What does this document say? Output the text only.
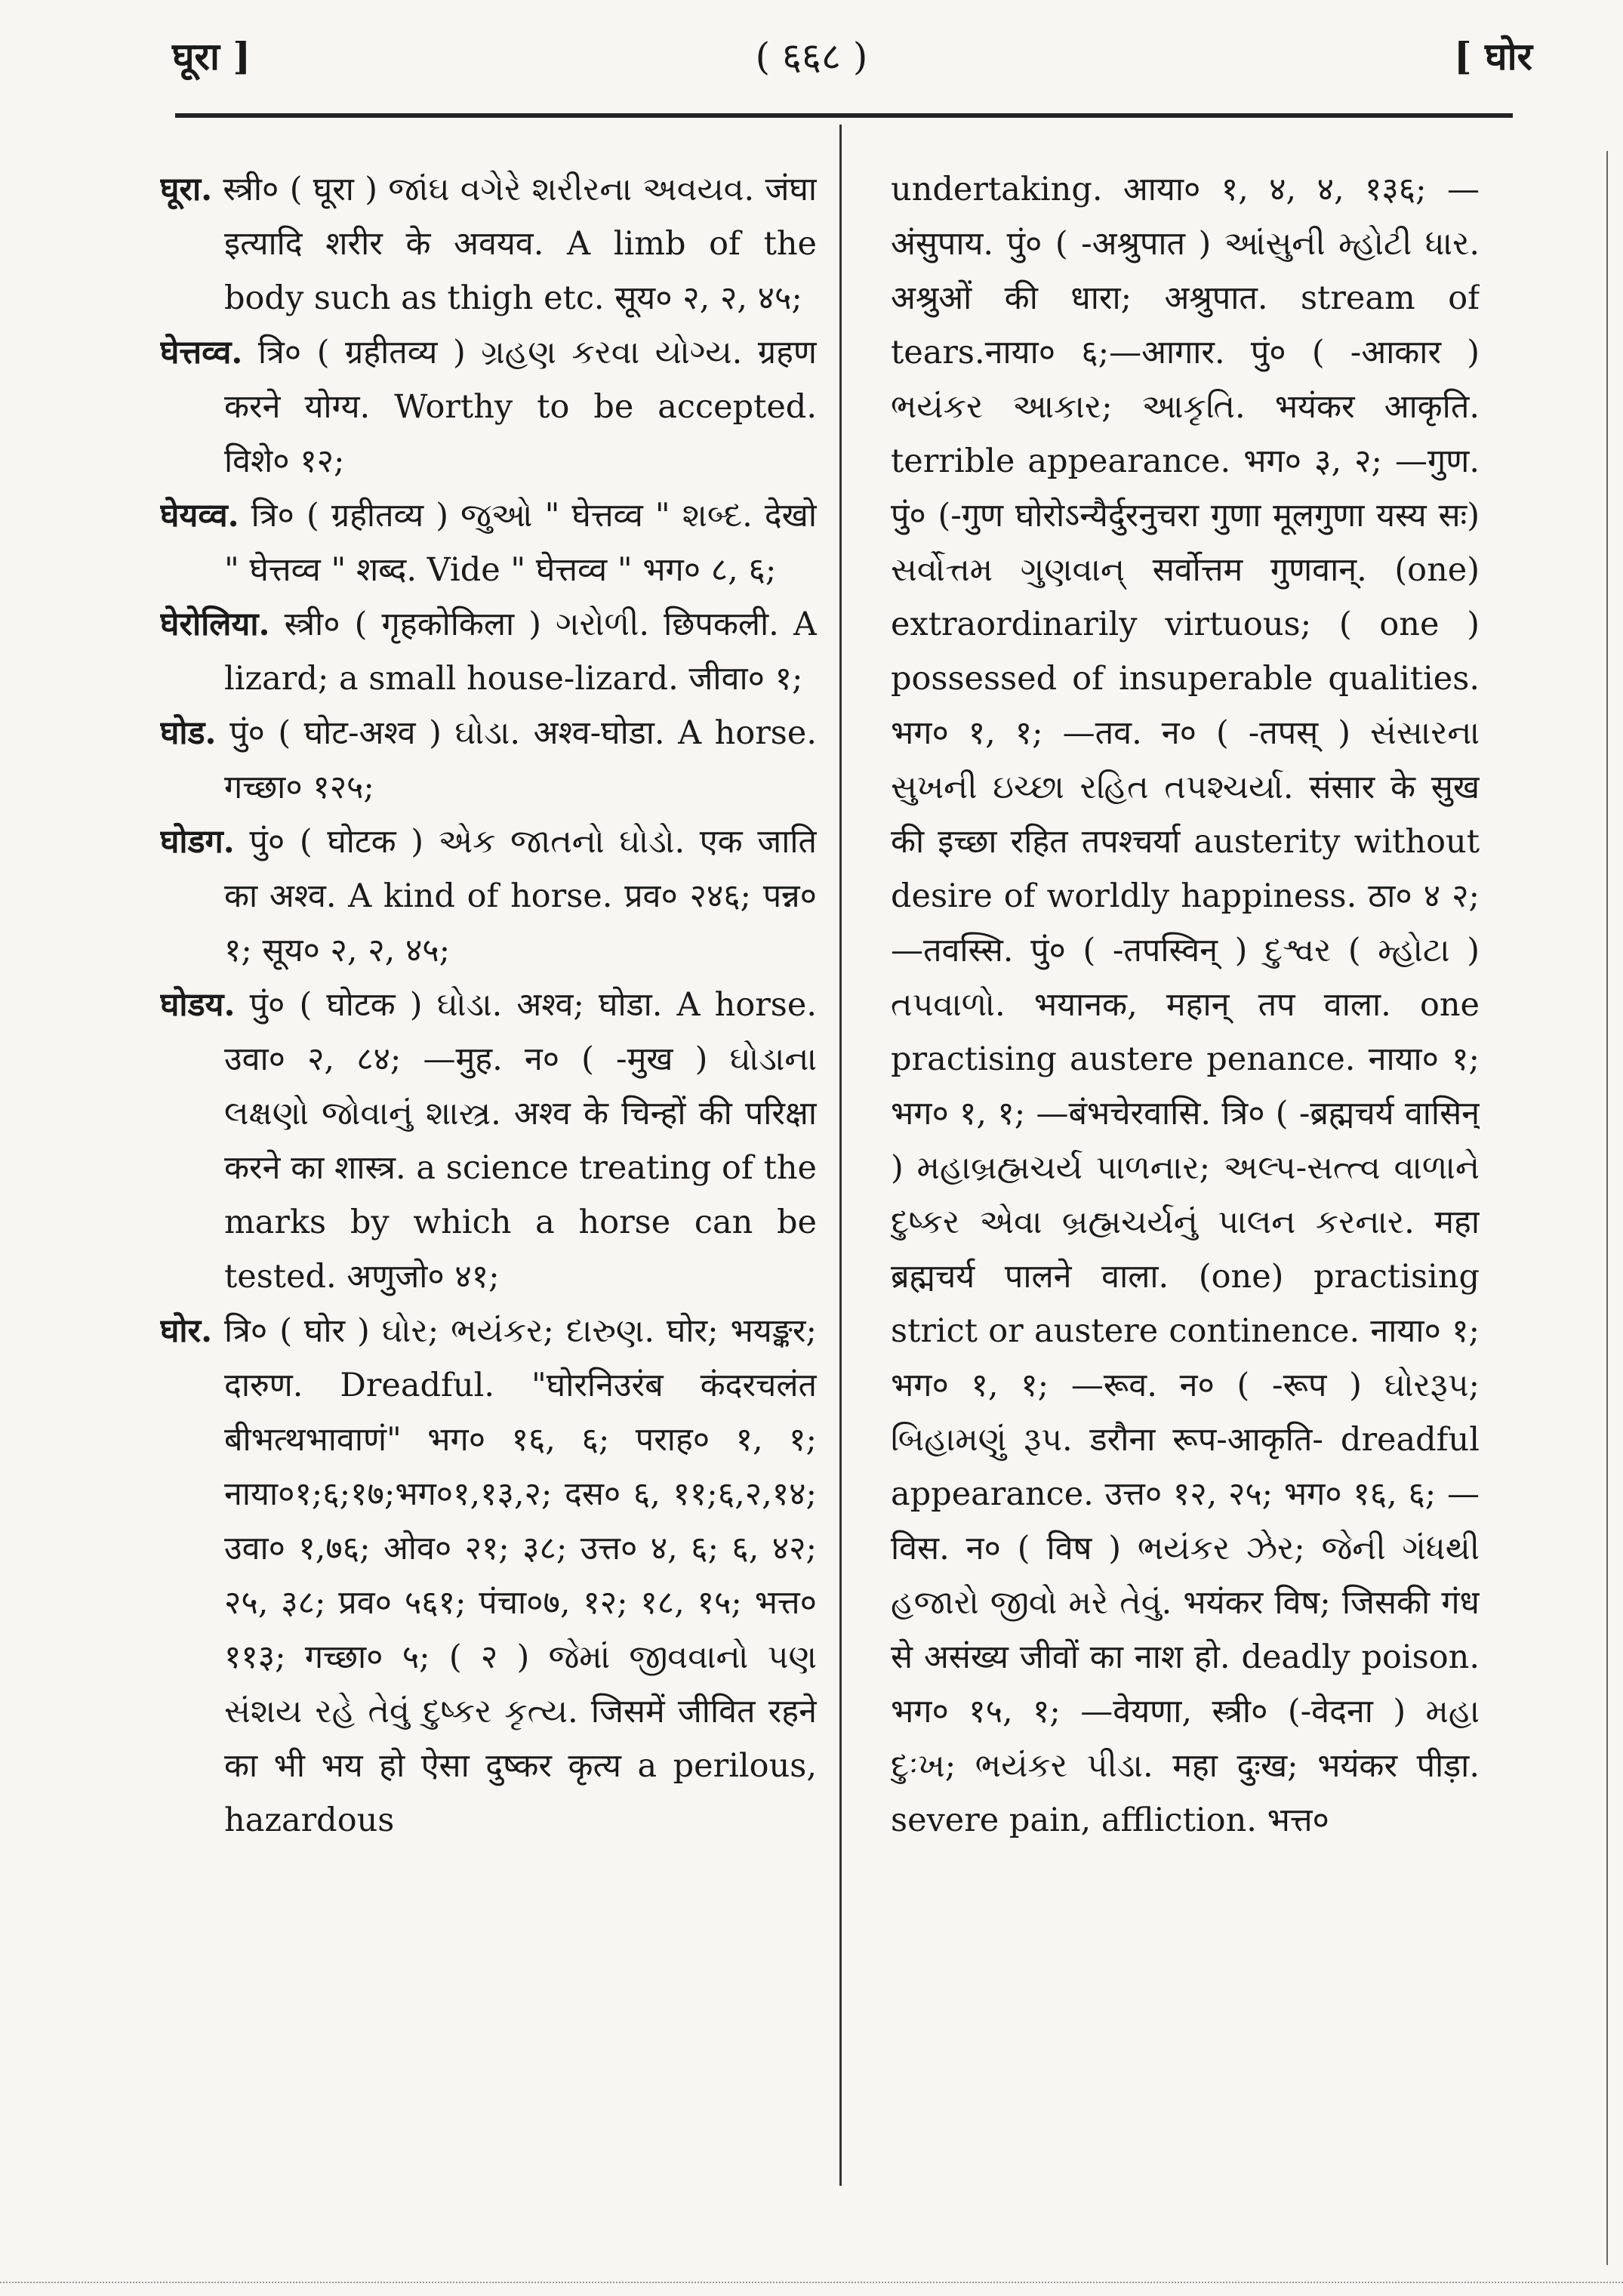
घूरा ]	( ६६८ )	[ घोर

घूरा. स्त्री० ( घूरा ) જાંઘ વગેરે શરીરના અવયવ. जंघा इत्यादि शरीर के अवयव. A limb of the body such as thigh etc. सूय० २, २, ४५;

घेत्तव्व. त्रि० ( ग्रहीतव्य ) ગ્રહણ કરવા યોગ્ય. ग्रहण करने योग्य. Worthy to be accepted. विशे० १२;

घेयव्व. त्रि० ( ग्रहीतव्य ) જુઓ " घेत्तव्व " શબ્દ. देखो " घेत्तव्व " शब्द. Vide " घेत्तव्व " भग० ८, ६;

घेरोलिया. स्त्री० ( गृहकोकिला ) ગરોળી. छिपकली. A lizard; a small house-lizard. जीवा० १;

घोड. पुं० ( घोट-अश्व ) ઘોડા. अश्व-घोडा. A horse. गच्छा० १२५;

घोडग. पुं० ( घोटक ) એક જાતનો ઘોડો. एक जाति का अश्व. A kind of horse. प्रव० २४६; पन्न० १; सूय० २, २, ४५;

घोडय. पुं० ( घोटक ) ઘોડા. अश्व; घोडा. A horse. उवा० २, ८४; —मुह. न० ( -मुख ) ઘોડાના લક્ષણો જોવાનું શાસ્ત્ર. अश्व के चिन्हों की परिक्षा करने का शास्त्र. a science treating of the marks by which a horse can be tested. अणुजो० ४१;

घोर. त्रि० ( घोर ) ઘોર; ભયંકર; દારુણ. घोर; भयङ्कर; दारुण. Dreadful. "घोरनिउरंब कंदरचलंत बीभत्थभावाणं" भग० १६, ६; पराह० १, १; नाया०१;६;१७;भग०१,१३,२; दस० ६, ११;६,२,१४; उवा० १,७६; ओव० २१; ३८; उत्त० ४, ६; ६, ४२; २५, ३८; प्रव० ५६१; पंचा०७, १२; १८, १५; भत्त० ११३; गच्छा० ५; ( २ ) જેમાં જીવવાનો પણ સંશય રહે તેવું દુષ્કર કૃત્ય. जिसमें जीवित रहने का भी भय हो ऐसा दुष्कर कृत्य a perilous, hazardous

undertaking. आया० १, ४, ४, १३६; —अंसुपाय. पुं० ( -अश्रुपात ) આંસુની મ્હોટી ધાર. अश्रुओं की धारा; अश्रुपात. stream of tears.नाया० ६;—आगार. पुं० ( -आकार ) ભયંકર આકાર; આકૃતિ. भयंकर आकृति. terrible appearance. भग० ३, २; —गुण. पुं० (-गुण घोरोऽन्यैर्दुरनुचरा गुणा मूलगुणा यस्य सः) સર્વોત્તમ ગુણવાન્ सर्वोत्तम गुणवान्. (one) extraordinarily virtuous; ( one ) possessed of insuperable qualities. भग० १, १; —तव. न० ( -तपस् ) સંસારના સુખની ઇચ્છા રહિત તપશ્ચર્યા. संसार के सुख की इच्छा रहित तपश्चर्या austerity without desire of worldly happiness. ठा० ४ २; —तवस्सि. पुं० ( -तपस्विन् ) દુશ્વર ( મ્હોટા ) તપવાળો. भयानक, महान् तप वाला. one practising austere penance. नाया० १; भग० १, १; —बंभचेरवासि. त्रि० ( -ब्रह्मचर्य वासिन् ) મહાબ્રહ્મચર્ય પાળનાર; અલ્પ-સત્ત્વ વાળાને દુષ્કર એવા બ્રહ્મચર્યનું પાલન કરનાર. महा ब्रह्मचर्य पालने वाला. (one) practising strict or austere continence. नाया० १; भग० १, १; —रूव. न० ( -रूप ) ઘોરરૂપ; બિહામણું રૂપ. डरौना रूप-आकृति- dreadful appearance. उत्त० १२, २५; भग० १६, ६; —विस. न० ( विष ) ભયંકર ઝેર; જેની ગંધથી હજારો જીવો મરે તેવું. भयंकर विष; जिसकी गंध से असंख्य जीवों का नाश हो. deadly poison. भग० १५, १; —वेयणा, स्त्री० (-वेदना ) મહા દુઃખ; ભયંકર પીડા. महा दुःख; भयंकर पीड़ा. severe pain, affliction. भत्त०
